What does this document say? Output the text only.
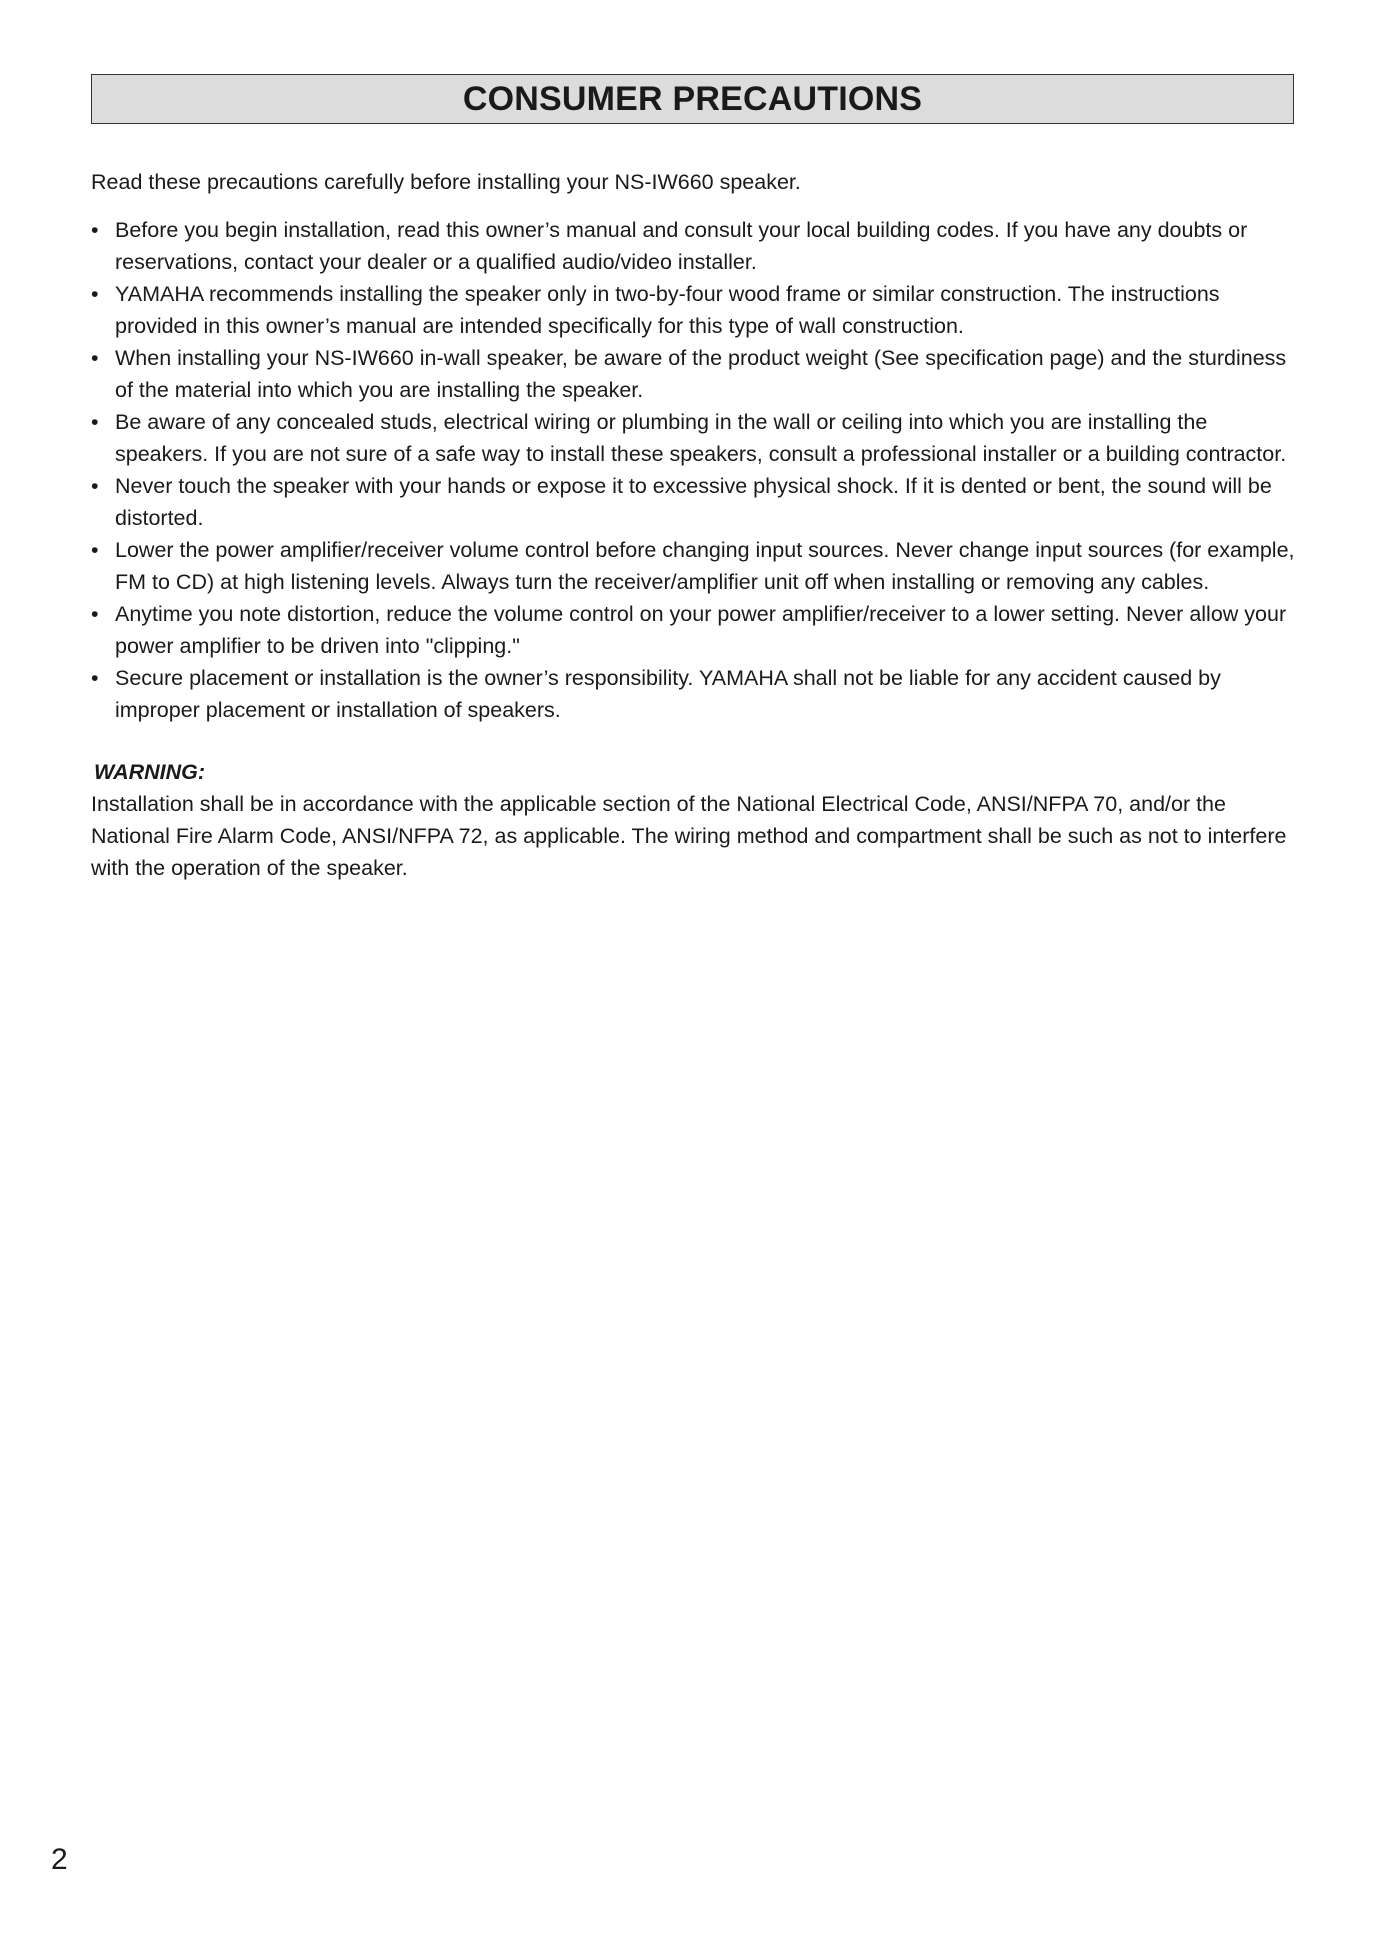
CONSUMER PRECAUTIONS

Read these precautions carefully before installing your NS-IW660 speaker.

• Before you begin installation, read this owner’s manual and consult your local building codes. If you have any doubts or reservations, contact your dealer or a qualified audio/video installer.
• YAMAHA recommends installing the speaker only in two-by-four wood frame or similar construction. The instructions provided in this owner’s manual are intended specifically for this type of wall construction.
• When installing your NS-IW660 in-wall speaker, be aware of the product weight (See specification page) and the sturdiness of the material into which you are installing the speaker.
• Be aware of any concealed studs, electrical wiring or plumbing in the wall or ceiling into which you are installing the speakers. If you are not sure of a safe way to install these speakers, consult a professional installer or a building contractor.
• Never touch the speaker with your hands or expose it to excessive physical shock. If it is dented or bent, the sound will be distorted.
• Lower the power amplifier/receiver volume control before changing input sources. Never change input sources (for example, FM to CD) at high listening levels. Always turn the receiver/amplifier unit off when installing or removing any cables.
• Anytime you note distortion, reduce the volume control on your power amplifier/receiver to a lower setting. Never allow your power amplifier to be driven into "clipping."
• Secure placement or installation is the owner’s responsibility. YAMAHA shall not be liable for any accident caused by improper placement or installation of speakers.

WARNING:

Installation shall be in accordance with the applicable section of the National Electrical Code, ANSI/NFPA 70, and/or the National Fire Alarm Code, ANSI/NFPA 72, as applicable. The wiring method and compartment shall be such as not to interfere with the operation of the speaker.

2
